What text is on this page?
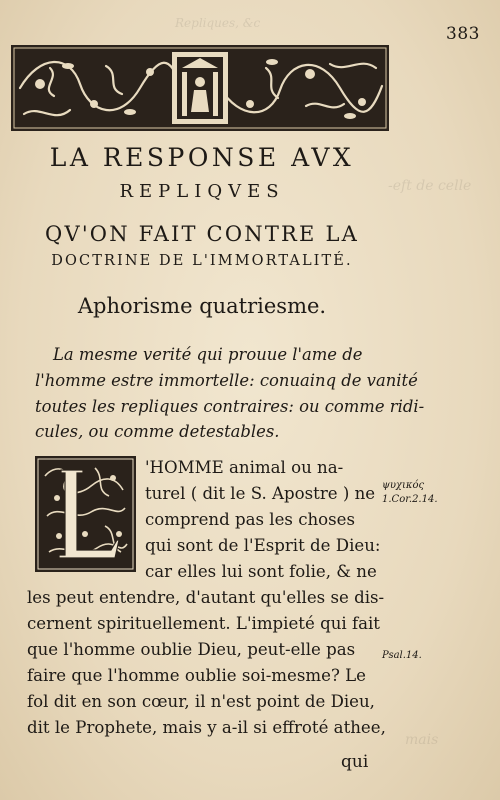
Repliques, &c
-eft de celle
mais
383
LA RESPONSE AVX
REPLIQVES
QV'ON FAIT CONTRE LA
DOCTRINE DE L'IMMORTALITÉ.
Aphorisme quatriesme.
La mesme verité qui prouue l'ame de
l'homme estre immortelle: conuainq de vanité
toutes les repliques contraires: ou comme ridi-
cules, ou comme detestables.
'HOMME animal ou na-
turel ( dit le S. Apostre ) ne
comprend pas les choses
qui sont de l'Esprit de Dieu:
car elles lui sont folie, & ne
les peut entendre, d'autant qu'elles se dis-
cernent spirituellement. L'impieté qui fait
que l'homme oublie Dieu, peut-elle pas
faire que l'homme oublie soi-mesme? Le
fol dit en son cœur, il n'est point de Dieu,
dit le Prophete, mais y a-il si effroté athee,
ψυχικός
1.Cor.2.14.
Psal.14.
qui
